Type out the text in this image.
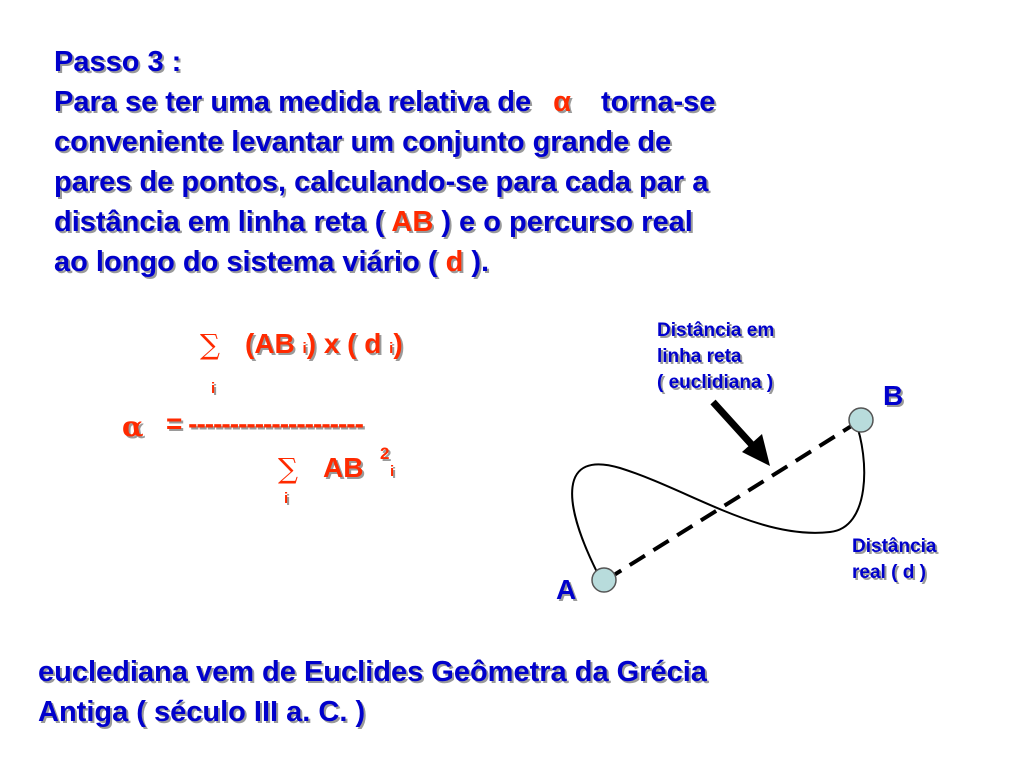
Passo 3 :
Para se ter uma medida relativa de α torna-se
conveniente levantar um conjunto grande de
pares de pontos, calculando-se para cada par a
distância em linha reta ( AB ) e o percurso real
ao longo do sistema viário ( d ).
∑ (AB i) x ( d i)
i
α = ---------------------
∑ AB 2
i
i
Distância em
linha reta
( euclidiana )	B
A
Distância
real ( d )
euclediana vem de Euclides Geômetra da Grécia
Antiga ( século III a. C. )
